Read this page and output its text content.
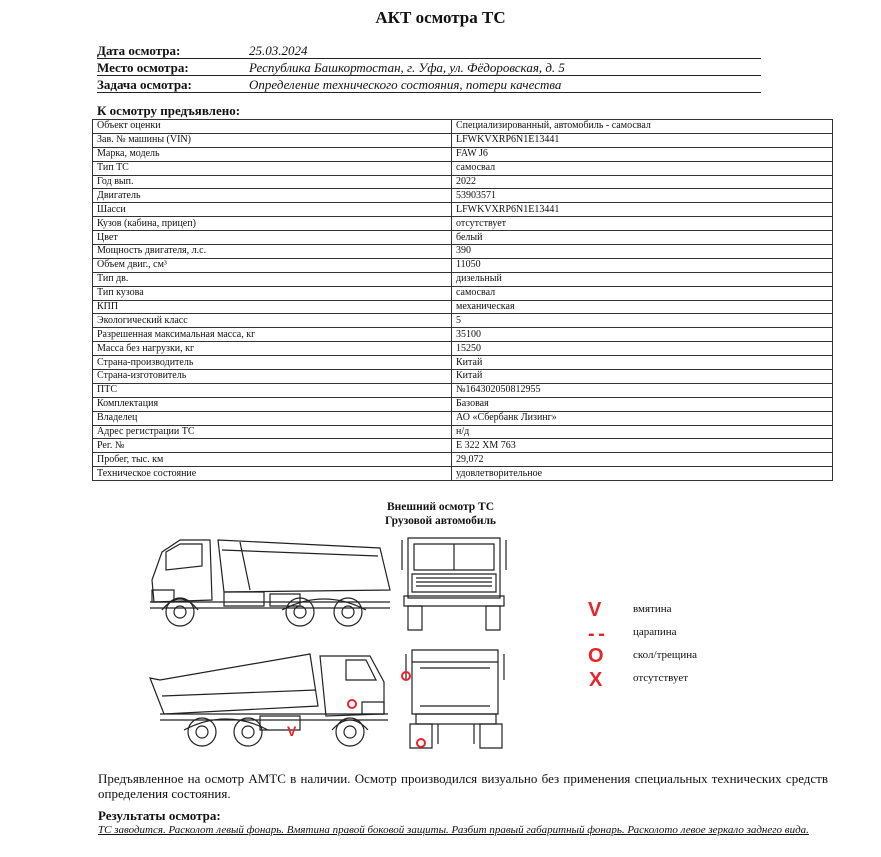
АКТ осмотра ТС
Дата осмотра:	25.03.2024
Место осмотра:	Республика Башкортостан, г. Уфа, ул. Фёдоровская, д. 5
Задача осмотра:	Определение технического состояния, потери качества
К осмотру предъявлено:
Объект оценки	Специализированный, автомобиль - самосвал
Зав. № машины (VIN)	LFWKVXRP6N1E13441
Марка, модель	FAW J6
Тип ТС	самосвал
Год вып.	2022
Двигатель	53903571
Шасси	LFWKVXRP6N1E13441
Кузов (кабина, прицеп)	отсутствует
Цвет	белый
Мощность двигателя, л.с.	390
Объем двиг., см³	11050
Тип дв.	дизельный
Тип кузова	самосвал
КПП	механическая
Экологический класс	5
Разрешенная максимальная масса, кг	35100
Масса без нагрузки, кг	15250
Страна-производитель	Китай
Страна-изготовитель	Китай
ПТС	№164302050812955
Комплектация	Базовая
Владелец	АО «Сбербанк Лизинг»
Адрес регистрации ТС	н/д
Рег. №	Е 322 ХМ 763
Пробег, тыс. км	29,072
Техническое состояние	удовлетворительное
Внешний осмотр ТС
Грузовой автомобиль
V
V	вмятина
- -	царапина
O	скол/трещина
X	отсутствует
Предъявленное на осмотр АМТС в наличии. Осмотр производился визуально без применения специальных технических средств определения состояния.
Результаты осмотра:
ТС заводится. Расколот левый фонарь. Вмятина правой боковой защиты. Разбит правый габаритный фонарь. Расколото левое зеркало заднего вида.
